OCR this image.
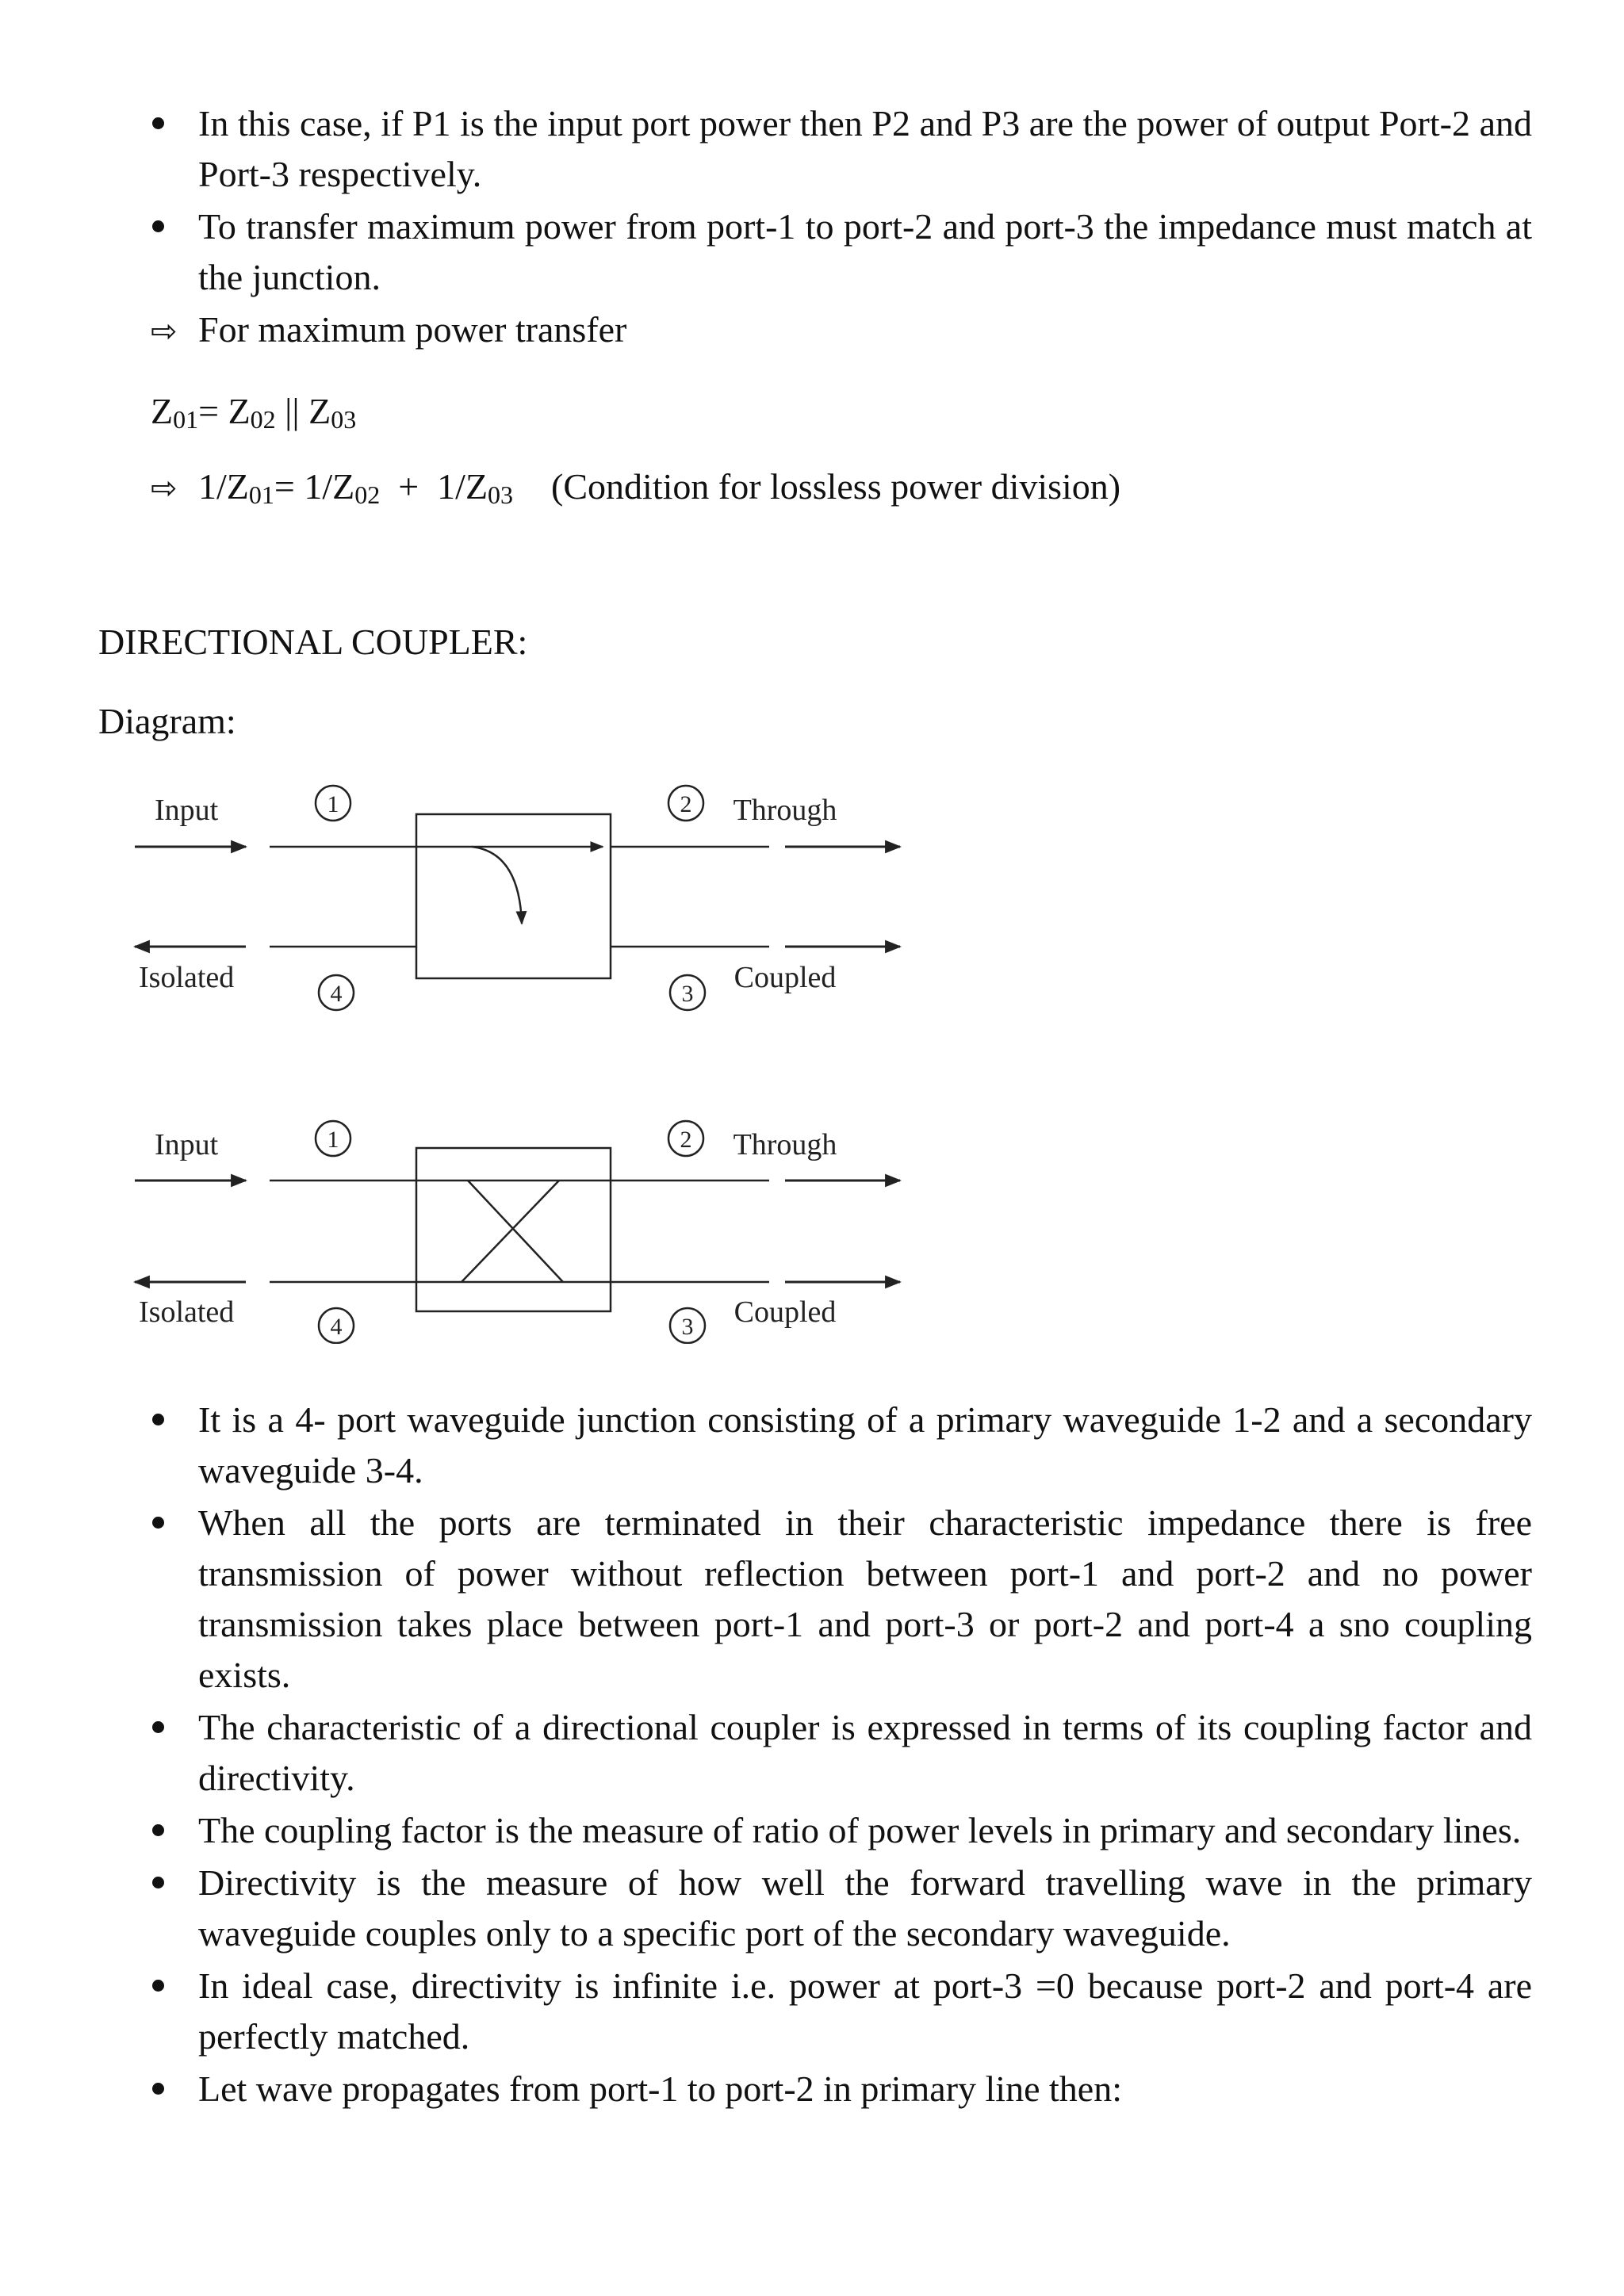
In this case, if P1 is the input port power then P2 and P3 are the power of output Port-2 and Port-3 respectively.
To transfer maximum power from port-1 to port-2 and port-3 the impedance must match at the junction.
⇨ For maximum power transfer
$Z_{01}= Z_{02}$ || $Z_{03}$
⇨ $1/Z_{01}= 1/Z_{02} + 1/Z_{03}$ (Condition for lossless power division)
DIRECTIONAL COUPLER:
Diagram:
Input
Isolated
Through
Coupled
1	2
4	3
Input
Isolated
Through
Coupled
1	2
4	3
It is a 4- port waveguide junction consisting of a primary waveguide 1-2 and a secondary waveguide 3-4.
When all the ports are terminated in their characteristic impedance there is free transmission of power without reflection between port-1 and port-2 and no power transmission takes place between port-1 and port-3 or port-2 and port-4 a sno coupling exists.
The characteristic of a directional coupler is expressed in terms of its coupling factor and directivity.
The coupling factor is the measure of ratio of power levels in primary and secondary lines.
Directivity is the measure of how well the forward travelling wave in the primary waveguide couples only to a specific port of the secondary waveguide.
In ideal case, directivity is infinite i.e. power at port-3 =0 because port-2 and port-4 are perfectly matched.
Let wave propagates from port-1 to port-2 in primary line then:
